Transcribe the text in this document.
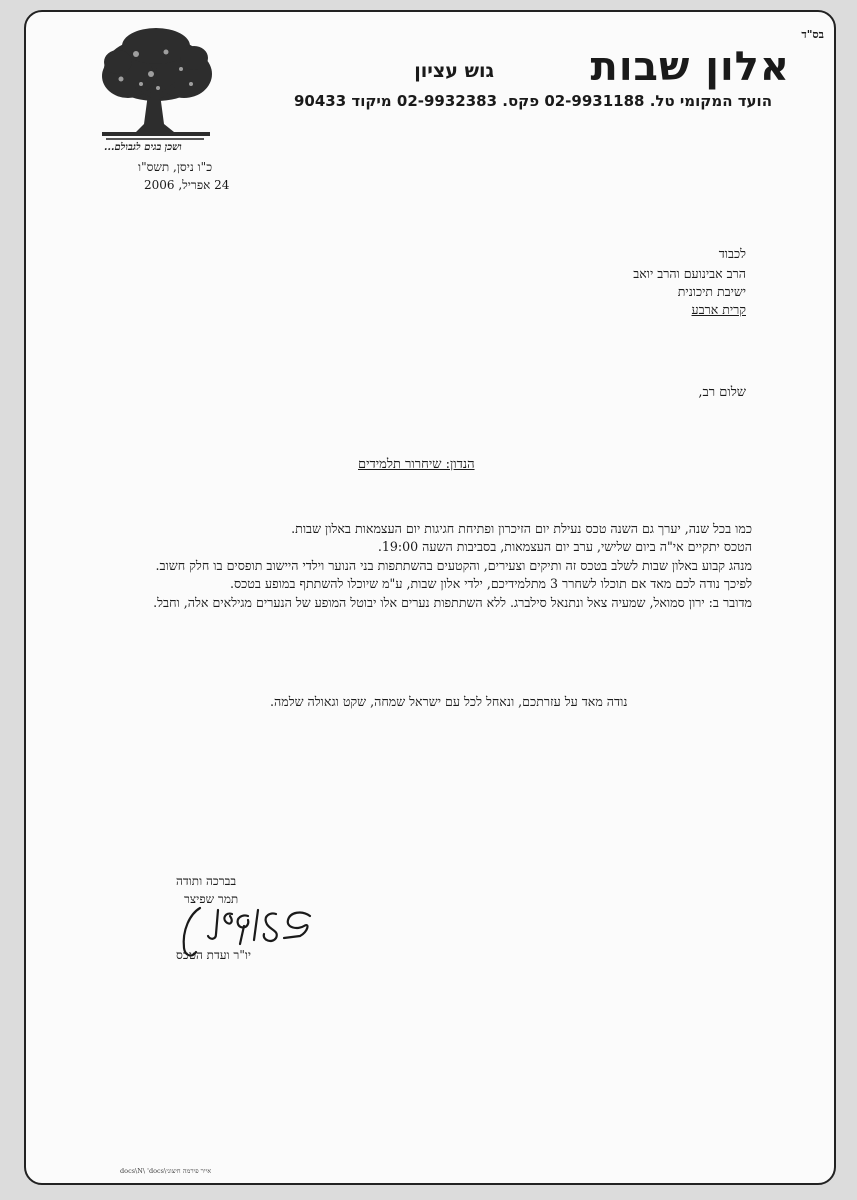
בס"ד
אלון שבות
גוש עציון
הועד המקומי טל. 02-9931188 פקס. 02-9932383 מיקוד 90433
ושכן בגים לגבולם...
כ"ו ניסן, תשס"ו
24 אפריל, 2006
לכבוד
הרב אבינועם והרב יואב
ישיבת תיכונית
קרית ארבע
שלום רב,
הנדון: שיחרור תלמידים

כמו בכל שנה, יערך גם השנה טכס נעילת יום הזיכרון ופתיחת חגיגות יום העצמאות באלון שבות.

הטכס יתקיים אי"ה ביום שלישי, ערב יום העצמאות, בסביבות השעה 19:00.

מנהג קבוע באלון שבות לשלב בטכס זה ותיקים וצעירים, והקטעים בהשתתפות בני הנוער וילדי היישוב תופסים בו חלק חשוב.

לפיכך נודה לכם מאד אם תוכלו לשחרר 3 מתלמידיכם, ילדי אלון שבות, ע"מ שיוכלו להשתתף במופע בטכס.

מדובר ב: ירון סמואל, שמעיה צאל ונתנאל סילברג. ללא השתתפות נערים אלו יבוטל המופע של הנערים מגילאים אלה, וחבל.

נודה מאד על עזרתכם, ונאחל לכל עם ישראל שמחה, שקט וגאולה שלמה.
בברכה ותודה
תמר שפיצר
יו"ר ועדת הטכס
docs\N\ 'docs\אייר פירמה חיצוני
